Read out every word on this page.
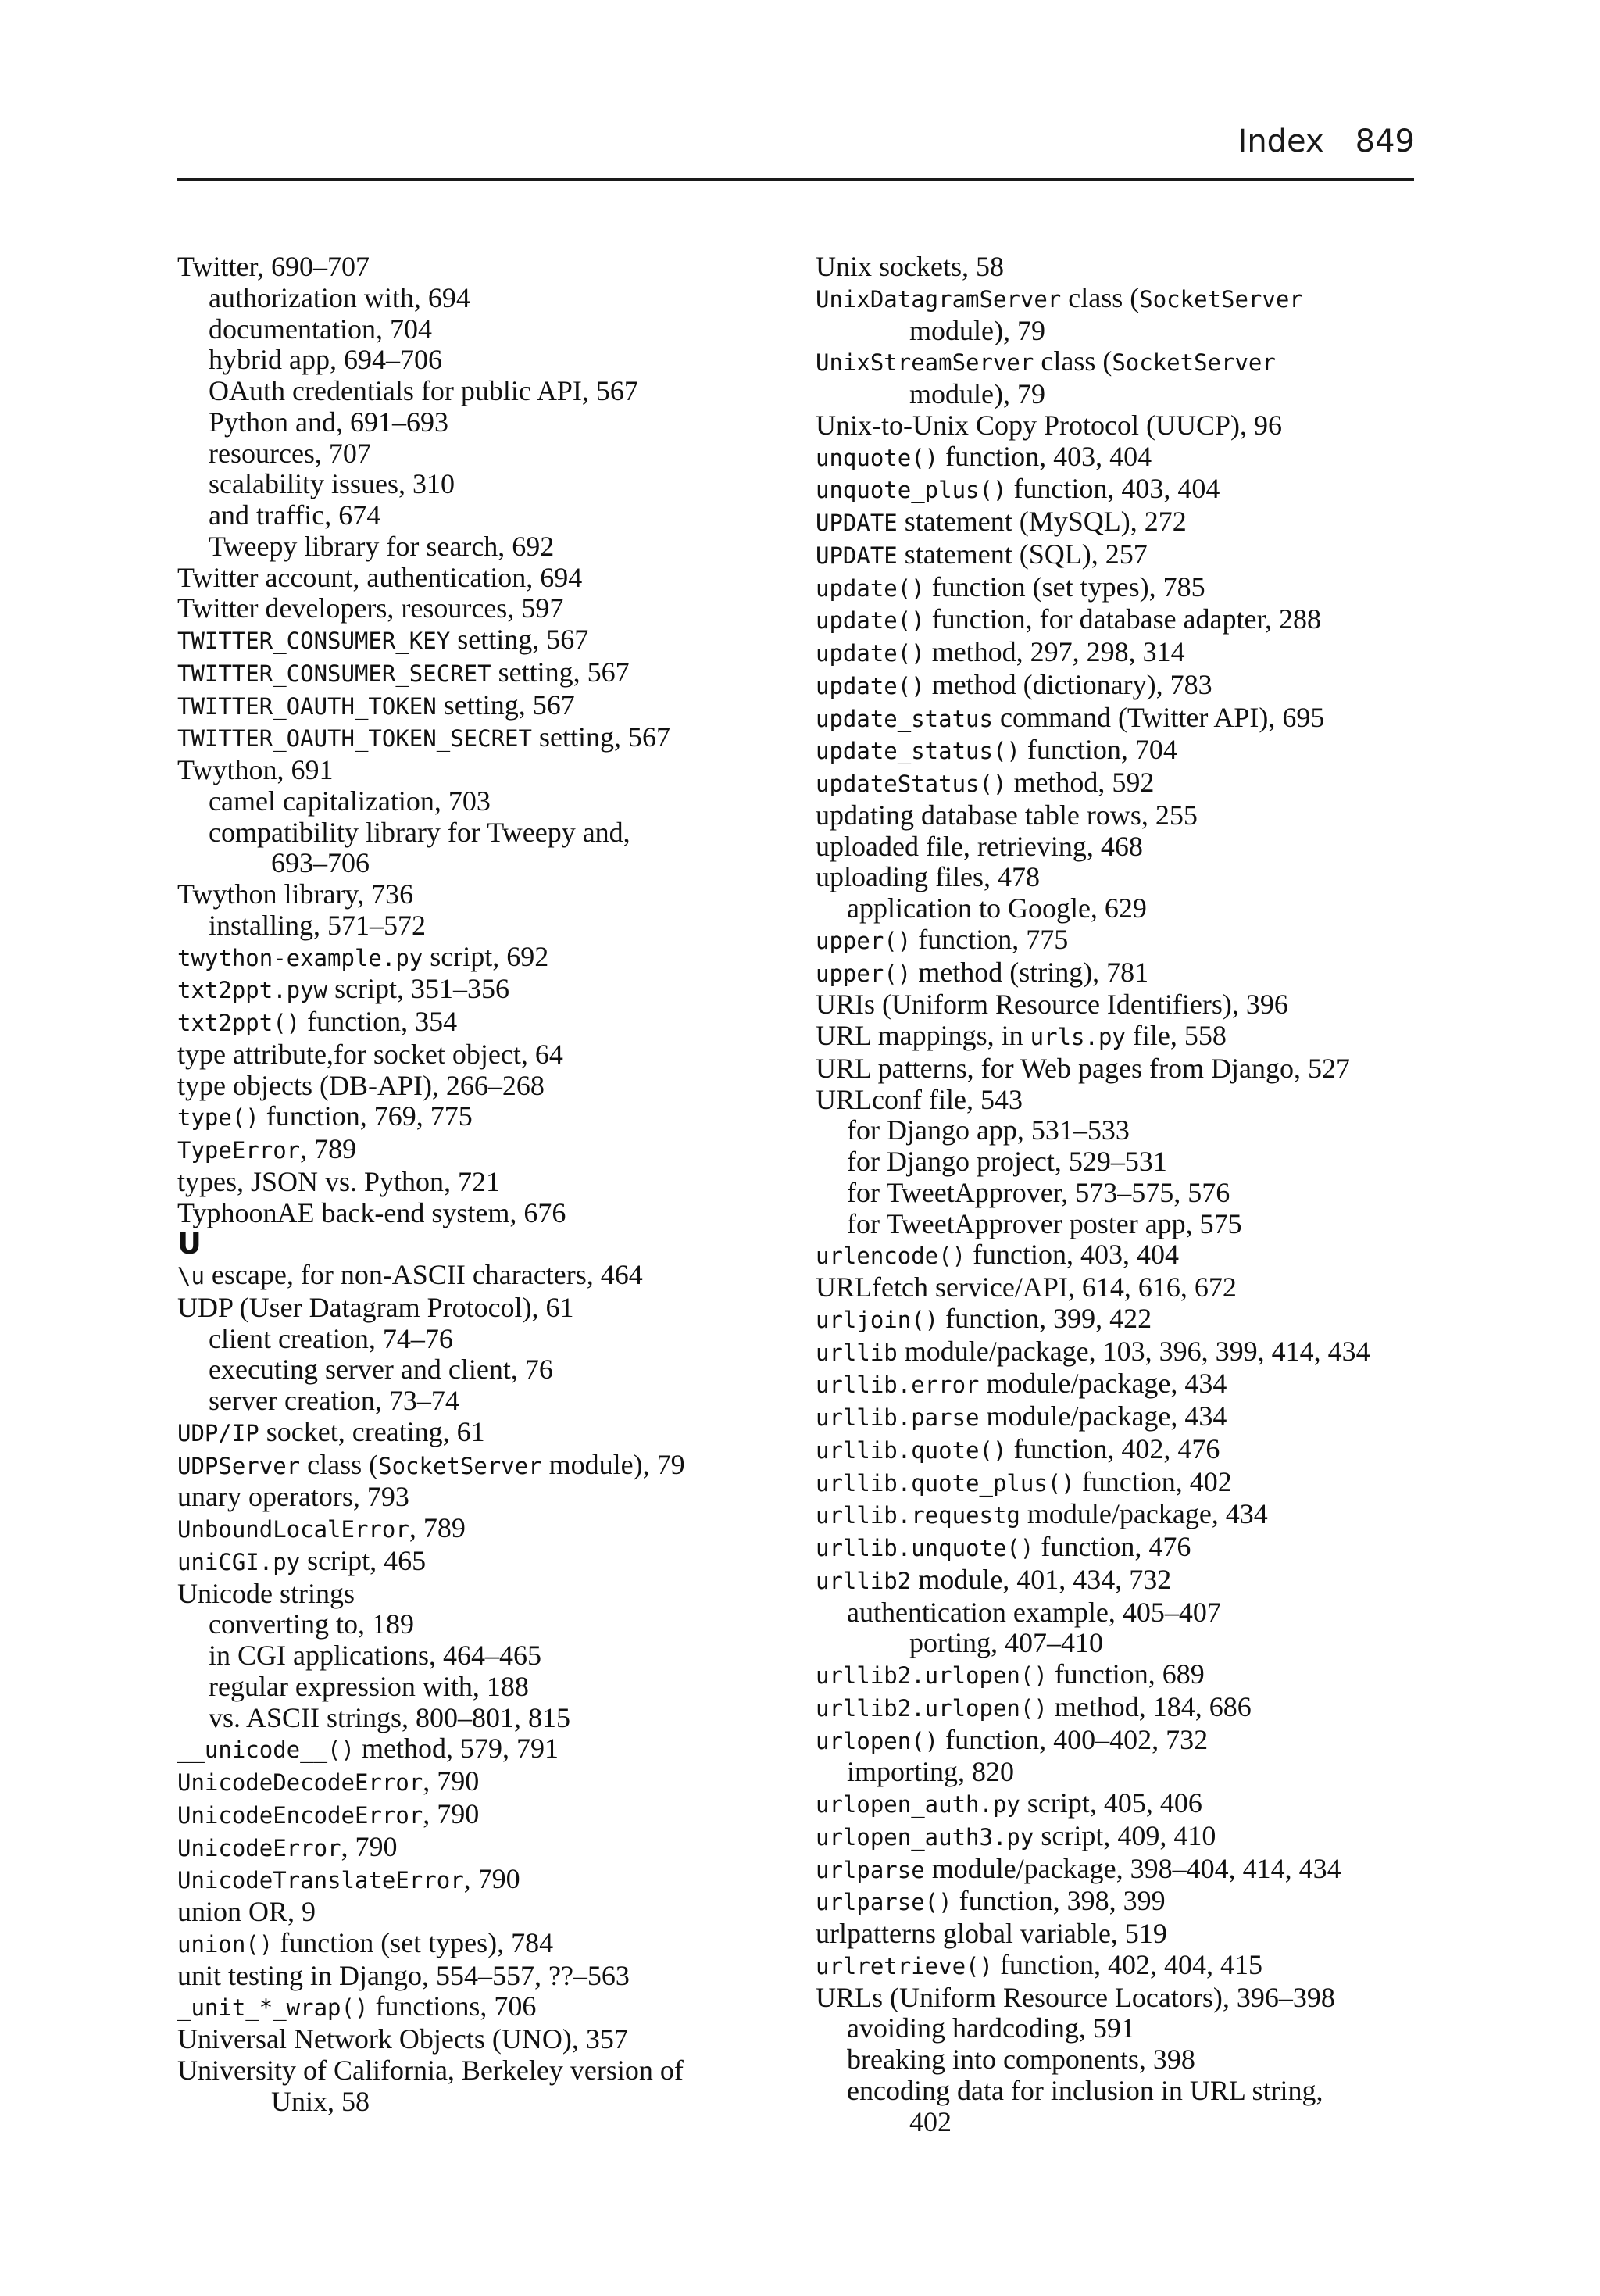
Index 849
Twitter, 690–707
authorization with, 694
documentation, 704
hybrid app, 694–706
OAuth credentials for public API, 567
Python and, 691–693
resources, 707
scalability issues, 310
and traffic, 674
Tweepy library for search, 692
Twitter account, authentication, 694
Twitter developers, resources, 597
TWITTER_CONSUMER_KEY setting, 567
TWITTER_CONSUMER_SECRET setting, 567
TWITTER_OAUTH_TOKEN setting, 567
TWITTER_OAUTH_TOKEN_SECRET setting, 567
Twython, 691
camel capitalization, 703
compatibility library for Tweepy and,
693–706
Twython library, 736
installing, 571–572
twython-example.py script, 692
txt2ppt.pyw script, 351–356
txt2ppt() function, 354
type attribute,for socket object, 64
type objects (DB-API), 266–268
type() function, 769, 775
TypeError, 789
types, JSON vs. Python, 721
TyphoonAE back-end system, 676
U
\u escape, for non-ASCII characters, 464
UDP (User Datagram Protocol), 61
client creation, 74–76
executing server and client, 76
server creation, 73–74
UDP/IP socket, creating, 61
UDPServer class (SocketServer module), 79
unary operators, 793
UnboundLocalError, 789
uniCGI.py script, 465
Unicode strings
converting to, 189
in CGI applications, 464–465
regular expression with, 188
vs. ASCII strings, 800–801, 815
__unicode__() method, 579, 791
UnicodeDecodeError, 790
UnicodeEncodeError, 790
UnicodeError, 790
UnicodeTranslateError, 790
union OR, 9
union() function (set types), 784
unit testing in Django, 554–557, ??–563
_unit_*_wrap() functions, 706
Universal Network Objects (UNO), 357
University of California, Berkeley version of
Unix, 58
Unix sockets, 58
UnixDatagramServer class (SocketServer
module), 79
UnixStreamServer class (SocketServer
module), 79
Unix-to-Unix Copy Protocol (UUCP), 96
unquote() function, 403, 404
unquote_plus() function, 403, 404
UPDATE statement (MySQL), 272
UPDATE statement (SQL), 257
update() function (set types), 785
update() function, for database adapter, 288
update() method, 297, 298, 314
update() method (dictionary), 783
update_status command (Twitter API), 695
update_status() function, 704
updateStatus() method, 592
updating database table rows, 255
uploaded file, retrieving, 468
uploading files, 478
application to Google, 629
upper() function, 775
upper() method (string), 781
URIs (Uniform Resource Identifiers), 396
URL mappings, in urls.py file, 558
URL patterns, for Web pages from Django, 527
URLconf file, 543
for Django app, 531–533
for Django project, 529–531
for TweetApprover, 573–575, 576
for TweetApprover poster app, 575
urlencode() function, 403, 404
URLfetch service/API, 614, 616, 672
urljoin() function, 399, 422
urllib module/package, 103, 396, 399, 414, 434
urllib.error module/package, 434
urllib.parse module/package, 434
urllib.quote() function, 402, 476
urllib.quote_plus() function, 402
urllib.requestg module/package, 434
urllib.unquote() function, 476
urllib2 module, 401, 434, 732
authentication example, 405–407
porting, 407–410
urllib2.urlopen() function, 689
urllib2.urlopen() method, 184, 686
urlopen() function, 400–402, 732
importing, 820
urlopen_auth.py script, 405, 406
urlopen_auth3.py script, 409, 410
urlparse module/package, 398–404, 414, 434
urlparse() function, 398, 399
urlpatterns global variable, 519
urlretrieve() function, 402, 404, 415
URLs (Uniform Resource Locators), 396–398
avoiding hardcoding, 591
breaking into components, 398
encoding data for inclusion in URL string,
402
